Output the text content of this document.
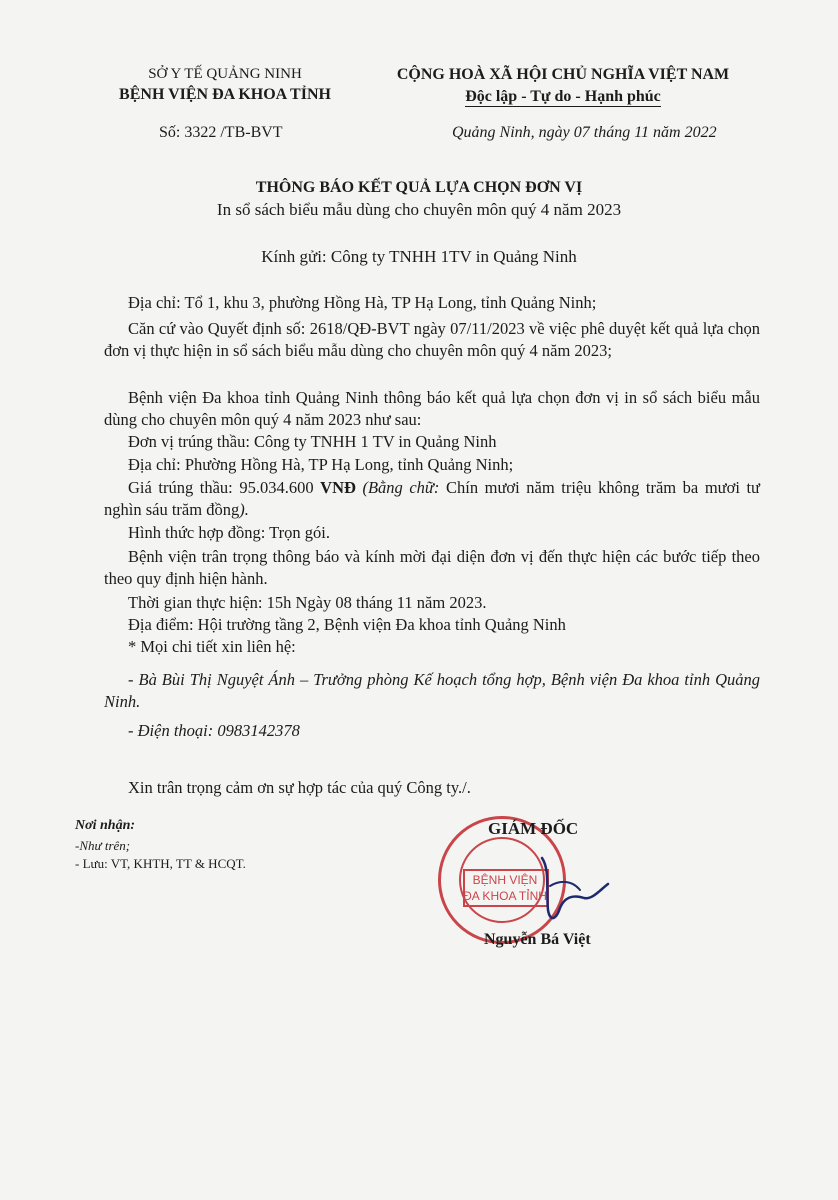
SỞ Y TẾ QUẢNG NINH
BỆNH VIỆN ĐA KHOA TỈNH
Số: 3322 /TB-BVT
CỘNG HOÀ XÃ HỘI CHỦ NGHĨA VIỆT NAM
Độc lập - Tự do - Hạnh phúc
Quảng Ninh, ngày 07 tháng 11 năm 2022
THÔNG BÁO KẾT QUẢ LỰA CHỌN ĐƠN VỊ
In sổ sách biểu mẫu dùng cho chuyên môn quý 4 năm 2023
Kính gửi: Công ty TNHH 1TV in Quảng Ninh
Địa chỉ: Tổ 1, khu 3, phường Hồng Hà, TP Hạ Long, tỉnh Quảng Ninh;
Căn cứ vào Quyết định số: 2618/QĐ-BVT ngày 07/11/2023 về việc phê duyệt kết quả lựa chọn đơn vị thực hiện in sổ sách biểu mẫu dùng cho chuyên môn quý 4 năm 2023;
Bệnh viện Đa khoa tỉnh Quảng Ninh thông báo kết quả lựa chọn đơn vị in sổ sách biểu mẫu dùng cho chuyên môn quý 4 năm 2023 như sau:
Đơn vị trúng thầu: Công ty TNHH 1 TV in Quảng Ninh
Địa chỉ: Phường Hồng Hà, TP Hạ Long, tỉnh Quảng Ninh;
Giá trúng thầu: 95.034.600 VNĐ (Bằng chữ: Chín mươi năm triệu không trăm ba mươi tư nghìn sáu trăm đồng).
Hình thức hợp đồng: Trọn gói.
Bệnh viện trân trọng thông báo và kính mời đại diện đơn vị đến thực hiện các bước tiếp theo theo quy định hiện hành.
Thời gian thực hiện: 15h Ngày 08 tháng 11 năm 2023.
Địa điểm: Hội trường tầng 2, Bệnh viện Đa khoa tỉnh Quảng Ninh
* Mọi chi tiết xin liên hệ:
- Bà Bùi Thị Nguyệt Ánh – Trưởng phòng Kế hoạch tổng hợp, Bệnh viện Đa khoa tỉnh Quảng Ninh.
- Điện thoại: 0983142378
Xin trân trọng cảm ơn sự hợp tác của quý Công ty./.
Nơi nhận:
-Như trên;
- Lưu: VT, KHTH, TT & HCQT.
BỆNH VIỆN
ĐA KHOA TỈNH
GIÁM ĐỐC
Nguyễn Bá Việt
